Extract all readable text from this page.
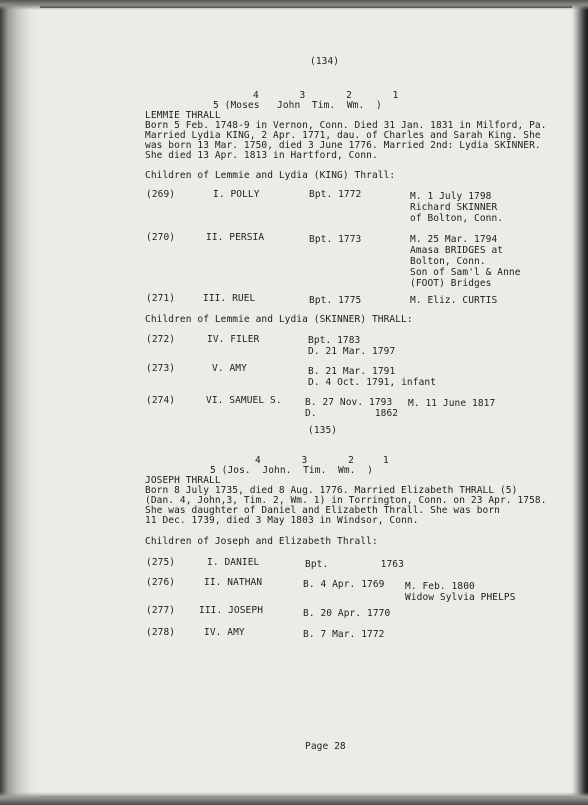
(134)
4       3       2       1
5 (Moses   John  Tim.  Wm.  )
LEMMIE THRALL
Born 5 Feb. 1748-9 in Vernon, Conn. Died 31 Jan. 1831 in Milford, Pa.
Married Lydia KING, 2 Apr. 1771, dau. of Charles and Sarah King. She
was born 13 Mar. 1750, died 3 June 1776. Married 2nd: Lydia SKINNER.
She died 13 Apr. 1813 in Hartford, Conn.
Children of Lemmie and Lydia (KING) Thrall:
(269)	I. POLLY	Bpt. 1772	M. 1 July 1798
Richard SKINNER
of Bolton, Conn.
(270)	II. PERSIA	Bpt. 1773	M. 25 Mar. 1794
Amasa BRIDGES at
Bolton, Conn.
Son of Sam'l & Anne
(FOOT) Bridges
(271)	III. RUEL	Bpt. 1775	M. Eliz. CURTIS
Children of Lemmie and Lydia (SKINNER) THRALL:
(272)	IV. FILER	Bpt. 1783
D. 21 Mar. 1797
(273)	V. AMY	B. 21 Mar. 1791
D. 4 Oct. 1791, infant
(274)	VI. SAMUEL S. B. 27 Nov. 1793
D.          1862
M. 11 June 1817
(135)
4       3       2     1
5 (Jos.  John.  Tim.  Wm.  )
JOSEPH THRALL
Born 8 July 1735, died 8 Aug. 1776. Married Elizabeth THRALL (5)
(Dan. 4, John,3, Tim. 2, Wm. 1) in Torrington, Conn. on 23 Apr. 1758.
She was daughter of Daniel and Elizabeth Thrall. She was born
11 Dec. 1739, died 3 May 1803 in Windsor, Conn.
Children of Joseph and Elizabeth Thrall:
(275)	I. DANIEL	Bpt.         1763
(276)	II. NATHAN	B. 4 Apr. 1769 M. Feb. 1800
Widow Sylvia PHELPS
(277)	III. JOSEPH	B. 20 Apr. 1770
(278)	IV. AMY	B. 7 Mar. 1772
Page 28
